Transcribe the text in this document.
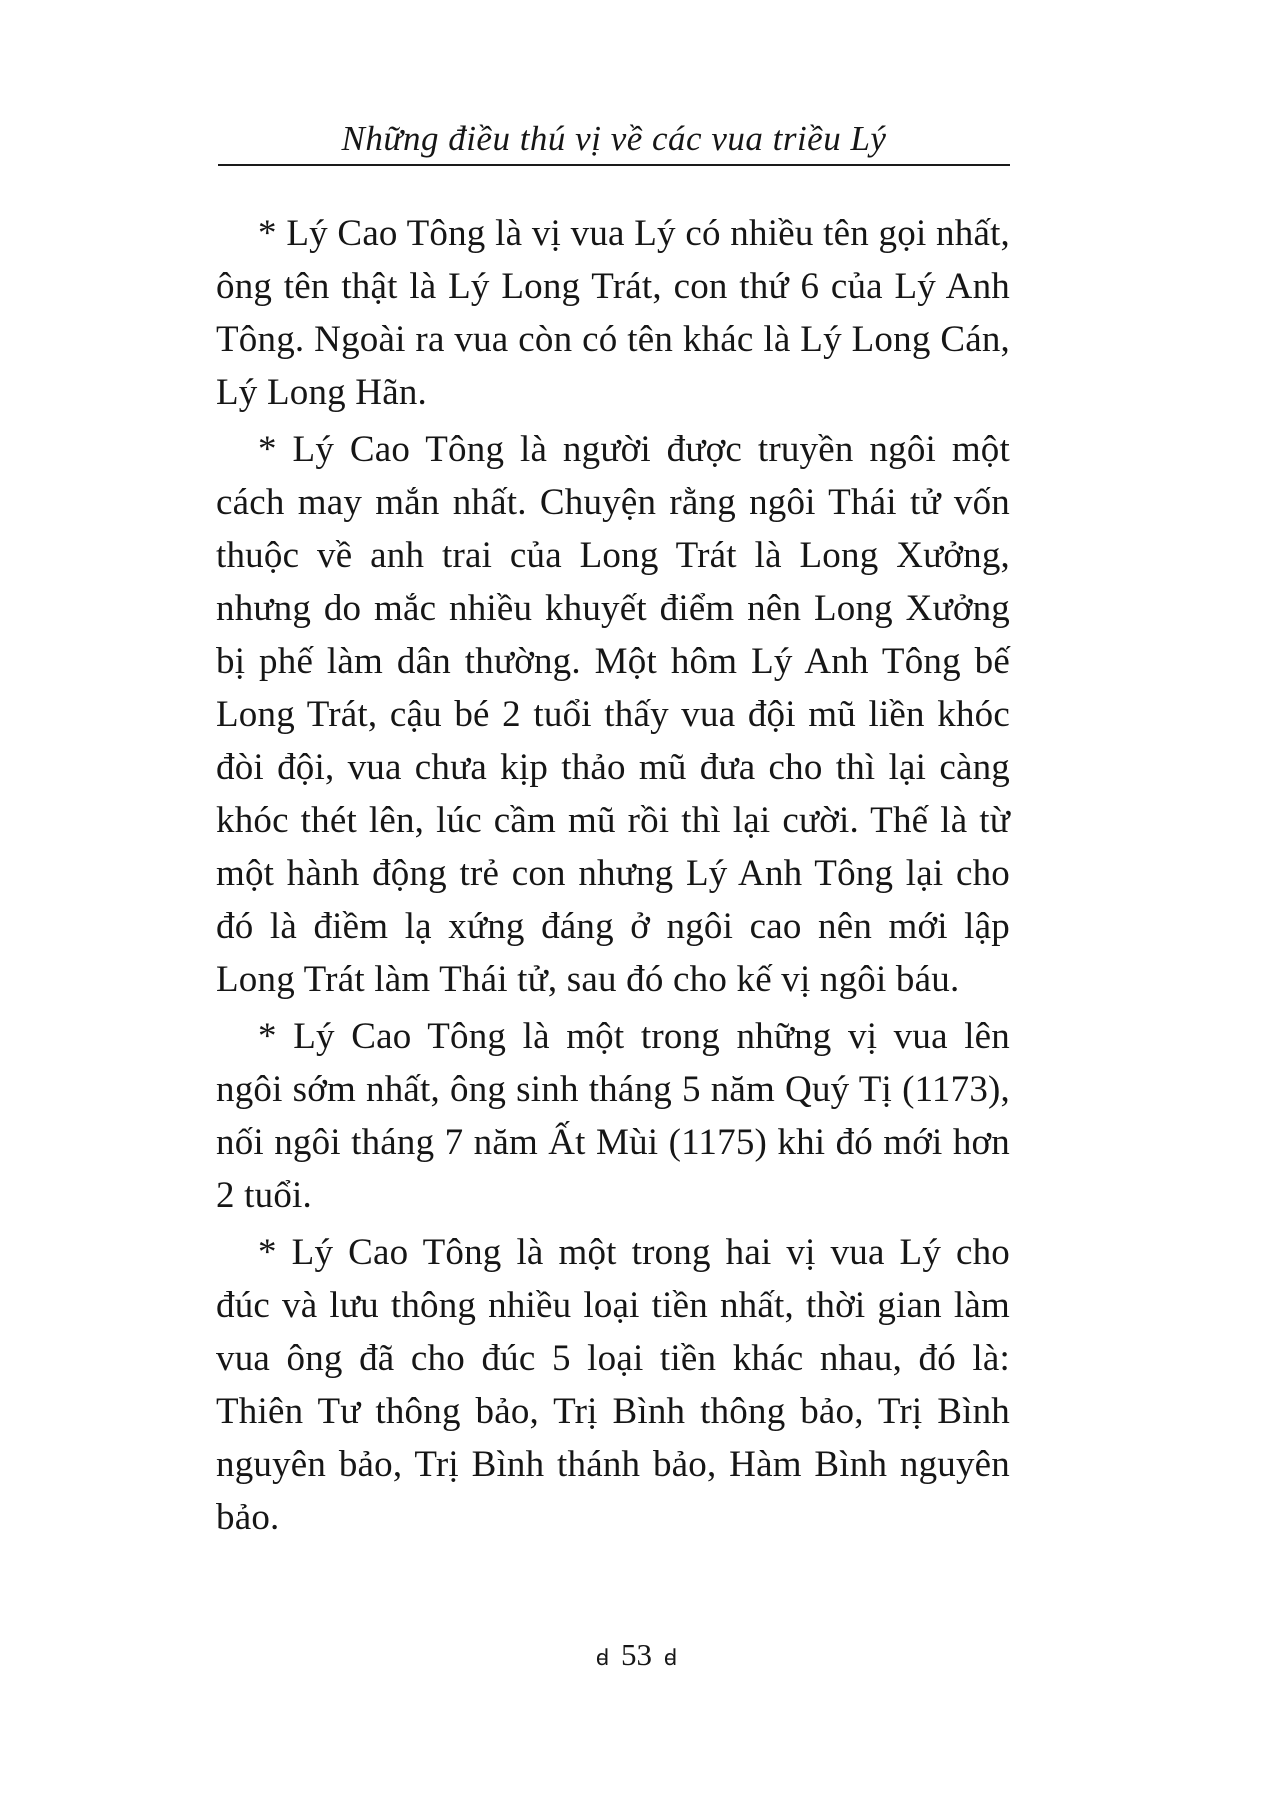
Những điều thú vị về các vua triều Lý

* Lý Cao Tông là vị vua Lý có nhiều tên gọi nhất, ông tên thật là Lý Long Trát, con thứ 6 của Lý Anh Tông. Ngoài ra vua còn có tên khác là Lý Long Cán, Lý Long Hãn.

* Lý Cao Tông là người được truyền ngôi một cách may mắn nhất. Chuyện rằng ngôi Thái tử vốn thuộc về anh trai của Long Trát là Long Xưởng, nhưng do mắc nhiều khuyết điểm nên Long Xưởng bị phế làm dân thường. Một hôm Lý Anh Tông bế Long Trát, cậu bé 2 tuổi thấy vua đội mũ liền khóc đòi đội, vua chưa kịp thảo mũ đưa cho thì lại càng khóc thét lên, lúc cầm mũ rồi thì lại cười. Thế là từ một hành động trẻ con nhưng Lý Anh Tông lại cho đó là điềm lạ xứng đáng ở ngôi cao nên mới lập Long Trát làm Thái tử, sau đó cho kế vị ngôi báu.

* Lý Cao Tông là một trong những vị vua lên ngôi sớm nhất, ông sinh tháng 5 năm Quý Tị (1173), nối ngôi tháng 7 năm Ất Mùi (1175) khi đó mới hơn 2 tuổi.

* Lý Cao Tông là một trong hai vị vua Lý cho đúc và lưu thông nhiều loại tiền nhất, thời gian làm vua ông đã cho đúc 5 loại tiền khác nhau, đó là: Thiên Tư thông bảo, Trị Bình thông bảo, Trị Bình nguyên bảo, Trị Bình thánh bảo, Hàm Bình nguyên bảo.

ꟈ 53 ꟈ
